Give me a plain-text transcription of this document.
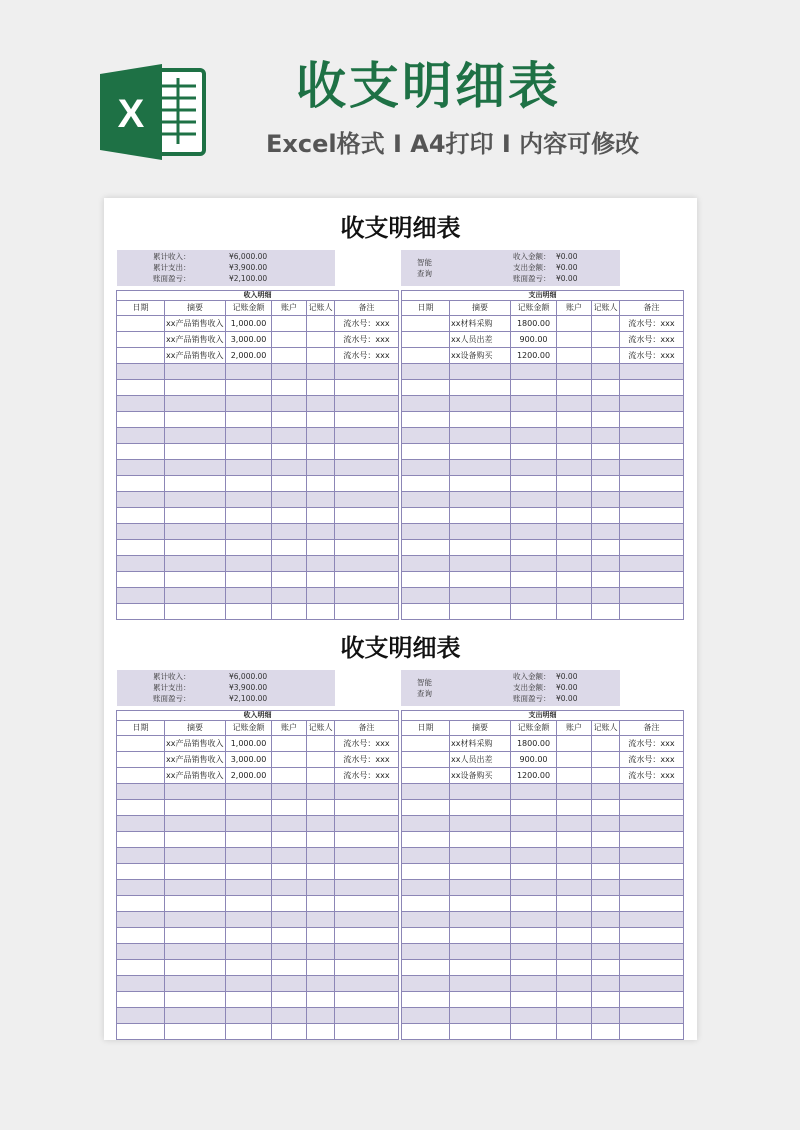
X	收支明细表
Excel格式 I A4打印 I 内容可修改
收支明细表
累计收入：	¥6,000.00
累计支出：	¥3,900.00
账面盈亏：	¥2,100.00
智能
查询
收入金额： ¥0.00
支出金额： ¥0.00
账面盈亏： ¥0.00
收入明细					
日期	摘要	记账金额	账户	记账人	备注
	xx产品销售收入	1,000.00			流水号：xxx
	xx产品销售收入	3,000.00			流水号：xxx
	xx产品销售收入	2,000.00			流水号：xxx

支出明细					
日期	摘要	记账金额	账户	记账人	备注
	xx材料采购	1800.00			流水号：xxx
	xx人员出差	900.00			流水号：xxx
	xx设备购买	1200.00			流水号：xxx

收支明细表
累计收入：	¥6,000.00
累计支出：	¥3,900.00
账面盈亏：	¥2,100.00
智能
查询
收入金额： ¥0.00
支出金额： ¥0.00
账面盈亏： ¥0.00
收入明细					
日期	摘要	记账金额	账户	记账人	备注
	xx产品销售收入	1,000.00			流水号：xxx
	xx产品销售收入	3,000.00			流水号：xxx
	xx产品销售收入	2,000.00			流水号：xxx

支出明细					
日期	摘要	记账金额	账户	记账人	备注
	xx材料采购	1800.00			流水号：xxx
	xx人员出差	900.00			流水号：xxx
	xx设备购买	1200.00			流水号：xxx
